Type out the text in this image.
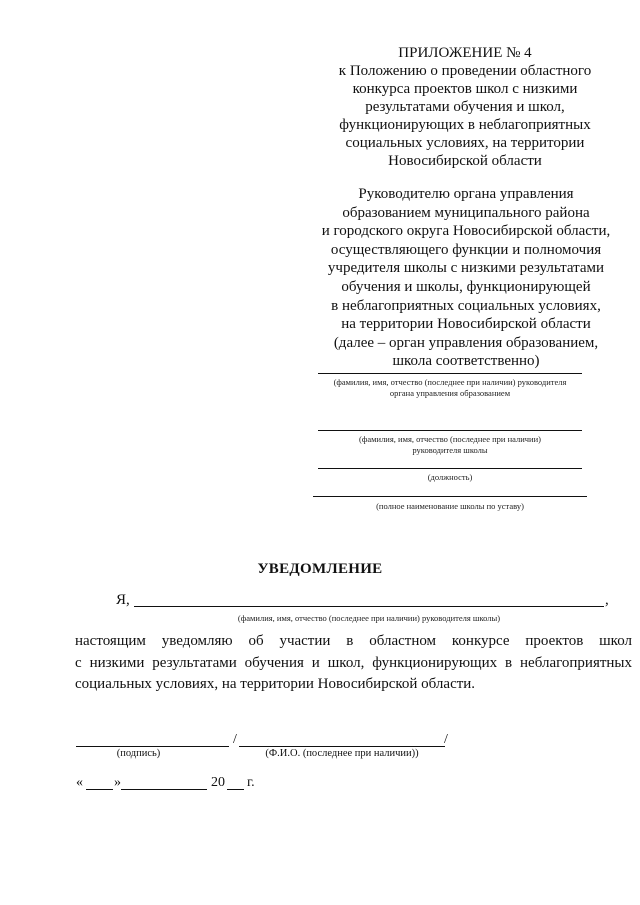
ПРИЛОЖЕНИЕ № 4
к Положению о проведении областного
конкурса проектов школ с низкими
результатами обучения и школ,
функционирующих в неблагоприятных
социальных условиях, на территории
Новосибирской области
Руководителю органа управления
образованием муниципального района
и городского округа Новосибирской области,
осуществляющего функции и полномочия
учредителя школы с низкими результатами
обучения и школы, функционирующей
в неблагоприятных социальных условиях,
на территории Новосибирской области
(далее – орган управления образованием,
школа соответственно)
(фамилия, имя, отчество (последнее при наличии) руководителя
органа управления образованием
(фамилия, имя, отчество (последнее при наличии)
руководителя школы
(должность)
(полное наименование школы по уставу)
УВЕДОМЛЕНИЕ
Я,	,
(фамилия, имя, отчество (последнее при наличии) руководителя школы)
настоящим уведомляю об участии в областном конкурсе проектов школ
с низкими результатами обучения и школ, функционирующих в неблагоприятных
социальных условиях, на территории Новосибирской области.
/	/
(подпись)	(Ф.И.О. (последнее при наличии))
« »	20 г.
